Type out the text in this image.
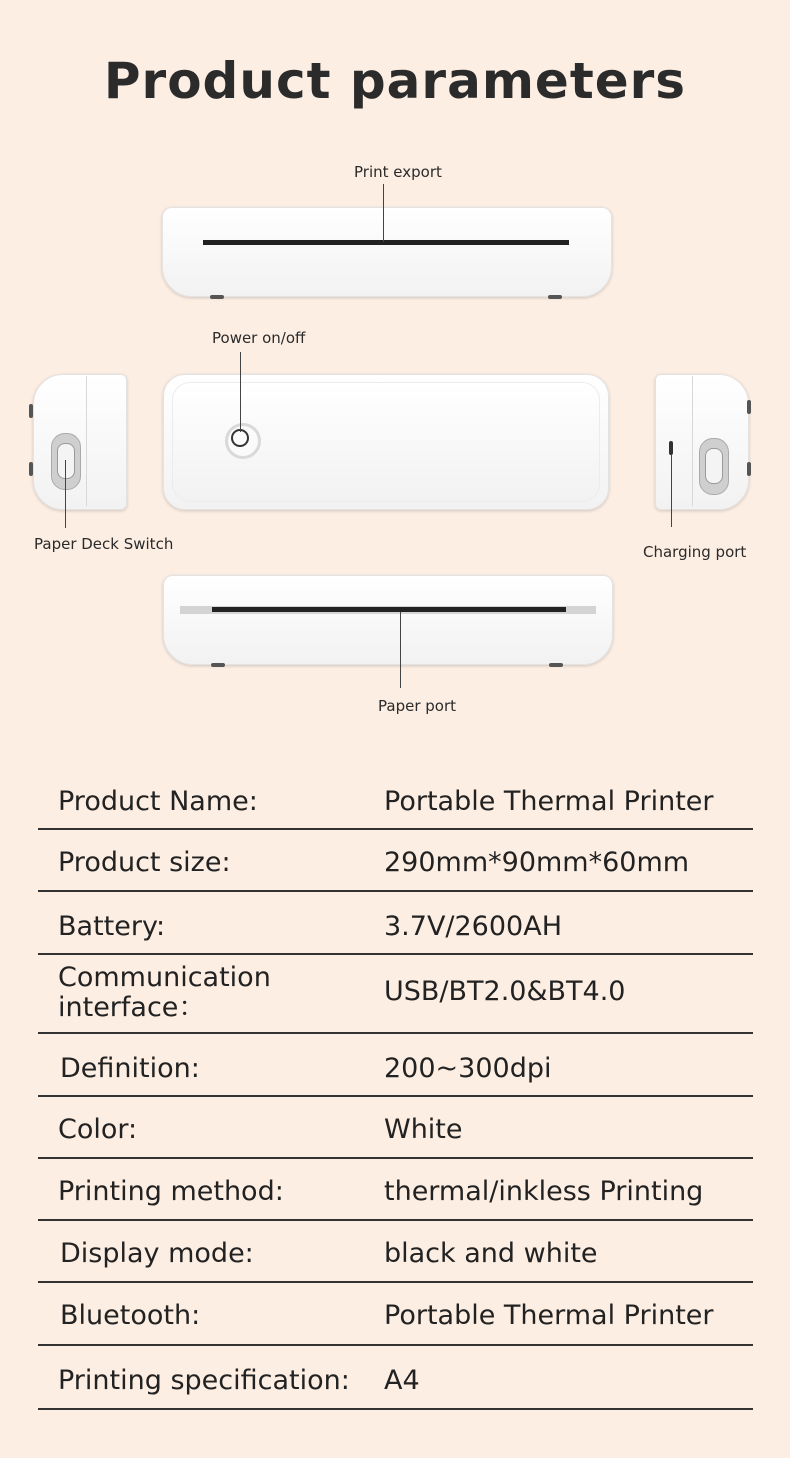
Product parameters
Print export
Paper Deck Switch
Power on/off
Charging port
Paper port
Product Name:	Portable Thermal Printer
Product size:	290mm*90mm*60mm
Battery:	3.7V/2600AH
Communication
interface：
USB/BT2.0&BT4.0
Definition:	200~300dpi
Color:	White
Printing method:	thermal/inkless Printing
Display mode:	black and white
Bluetooth:	Portable Thermal Printer
Printing specification: A4
